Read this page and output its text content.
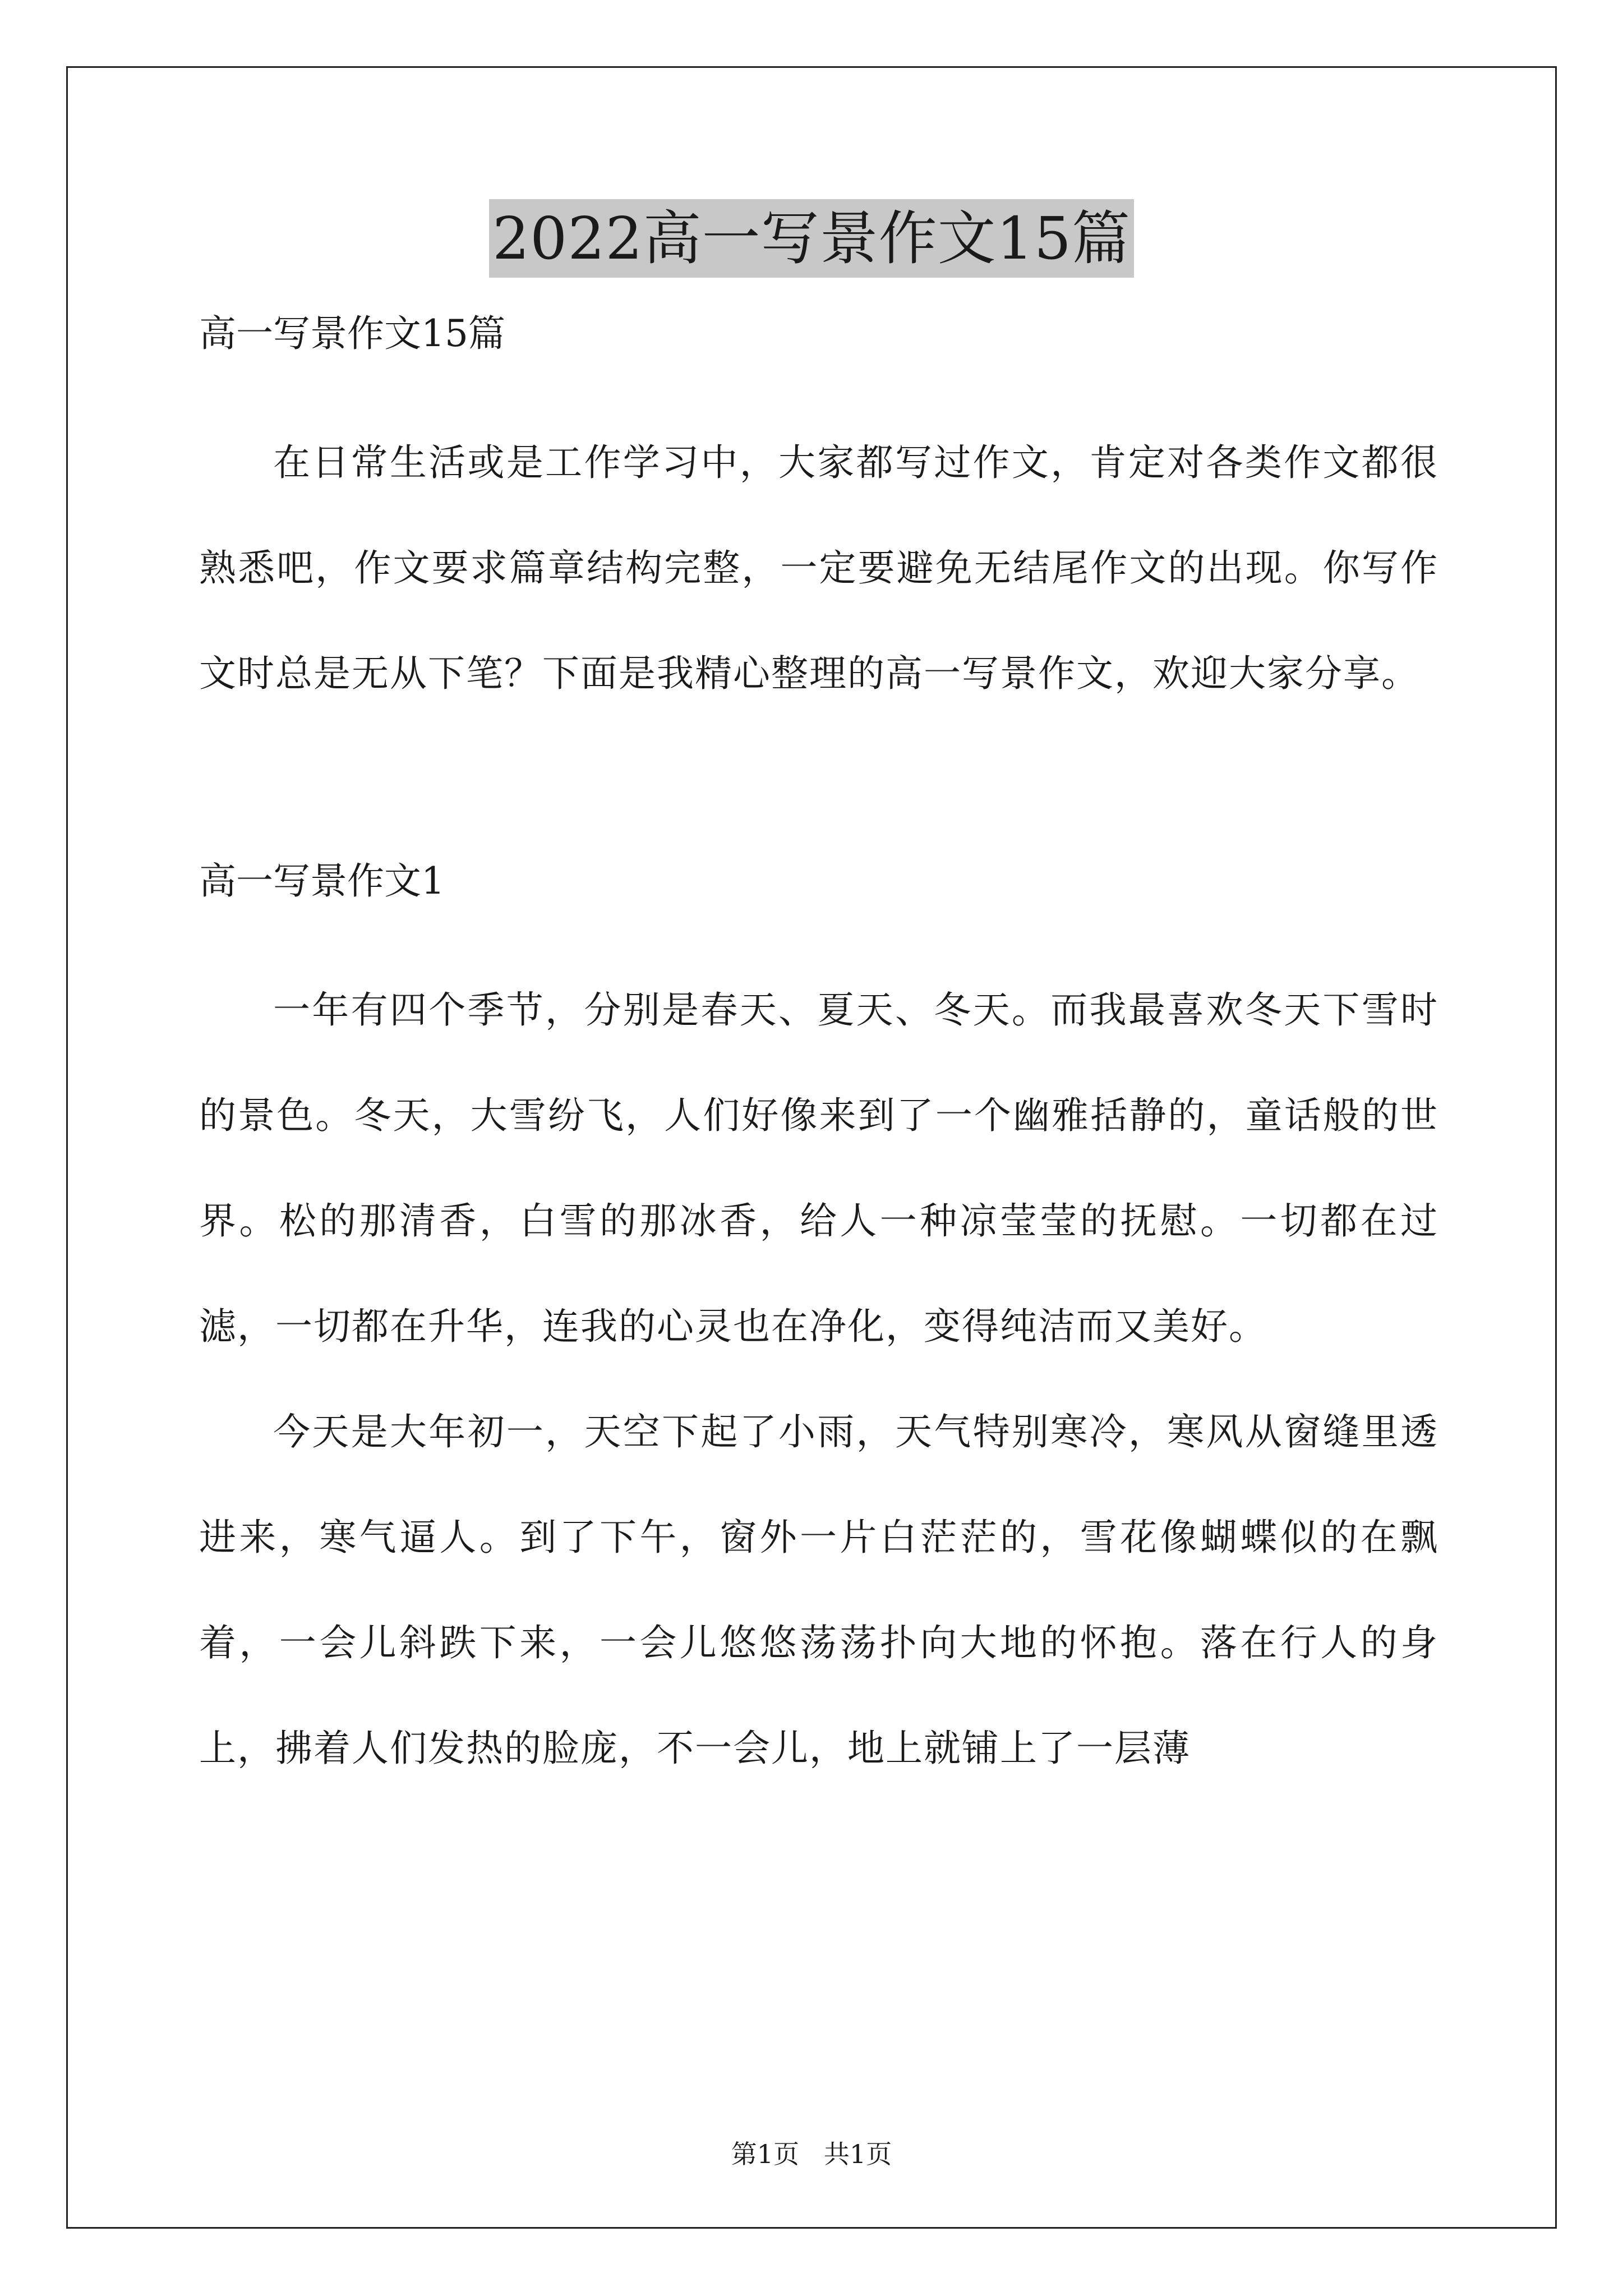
2022高一写景作文15篇

高一写景作文15篇

在日常生活或是工作学习中，大家都写过作文，肯定对各类作文都很熟悉吧，作文要求篇章结构完整，一定要避免无结尾作文的出现。你写作文时总是无从下笔？下面是我精心整理的高一写景作文，欢迎大家分享。

高一写景作文1

一年有四个季节，分别是春天、夏天、冬天。而我最喜欢冬天下雪时的景色。冬天，大雪纷飞，人们好像来到了一个幽雅括静的，童话般的世界。松的那清香，白雪的那冰香，给人一种凉莹莹的抚慰。一切都在过滤，一切都在升华，连我的心灵也在净化，变得纯洁而又美好。

今天是大年初一，天空下起了小雨，天气特别寒冷，寒风从窗缝里透进来，寒气逼人。到了下午，窗外一片白茫茫的，雪花像蝴蝶似的在飘着，一会儿斜跌下来，一会儿悠悠荡荡扑向大地的怀抱。落在行人的身上，拂着人们发热的脸庞，不一会儿，地上就铺上了一层薄

第1页   共1页
